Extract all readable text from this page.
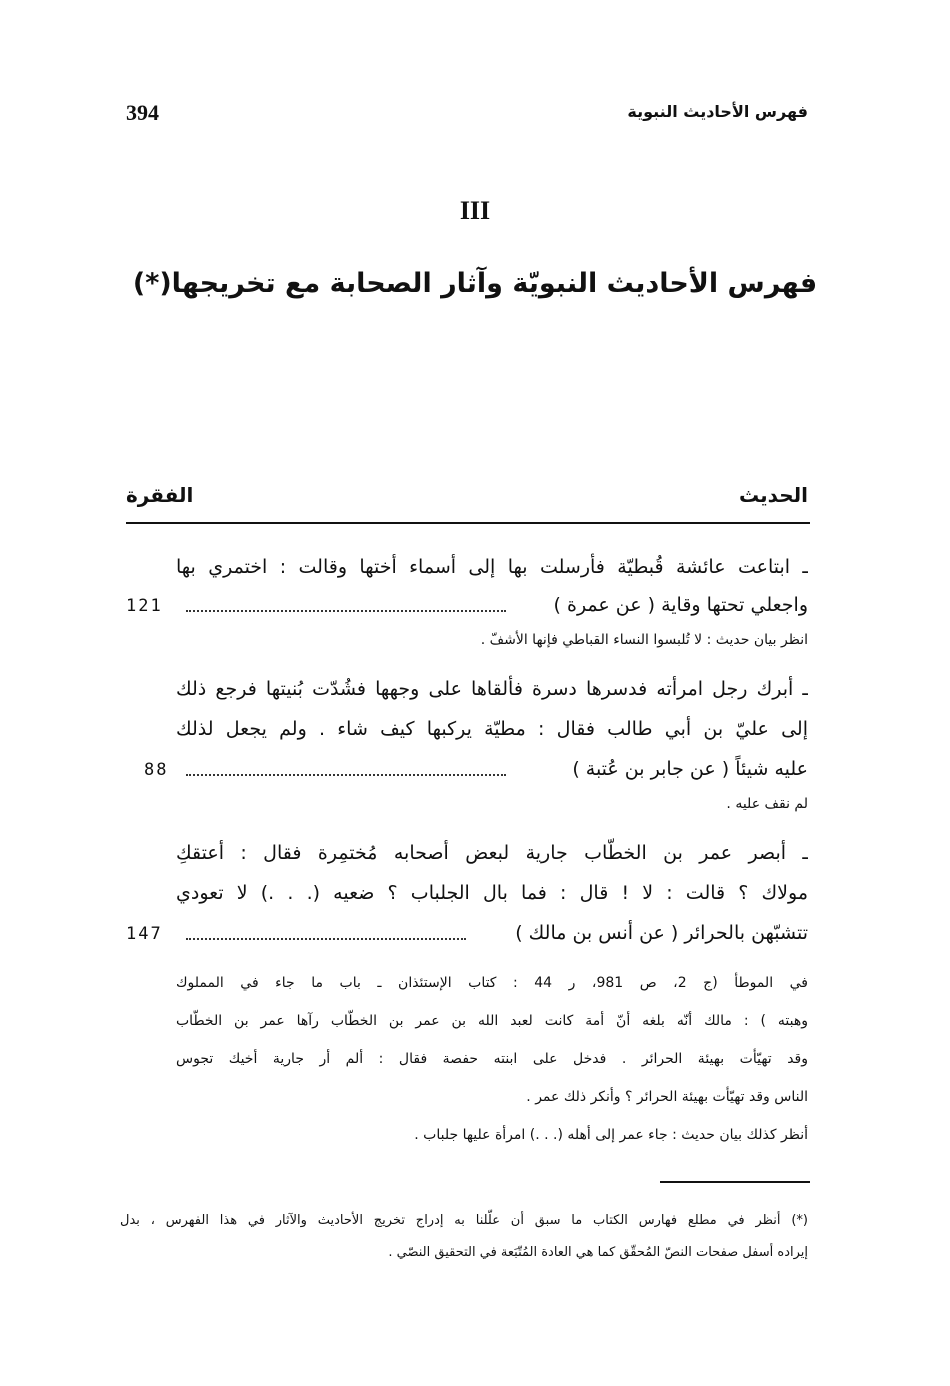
394	فهرس الأحاديث النبوية
III
فهرس الأحاديث النبويّة وآثار الصحابة مع تخريجها(*)
الحديث
الفقرة
ـ ابتاعت عائشة قُبطيّة فأرسلت بها إلى أسماء أختها وقالت : اختمري بها
واجعلي تحتها وقاية ( عن عمرة )
121
انظر بيان حديث : لا تُلبسوا النساء القباطي فإنها الأشفّ .
ـ أبرك رجل امرأته فدسرها دسرة فألقاها على وجهها فشُدّت بُنيتها فرجع ذلك
إلى عليّ بن أبي طالب فقال : مطيّة يركبها كيف شاء . ولم يجعل لذلك
عليه شيئاً ( عن جابر بن عُتبة )
88
لم نقف عليه .
ـ أبصر عمر بن الخطّاب جارية لبعض أصحابه مُختمِرة فقال : أعتقكِ
مولاك ؟ قالت : لا ! قال : فما بال الجلباب ؟ ضعيه (. . .) لا تعودي
تتشبّهن بالحرائر ( عن أنس بن مالك )
147
في الموطأ (ج 2، ص 981، ر 44 : كتاب الإستئذان ـ باب ما جاء في المملوك
وهبته ) : مالك أنّه بلغه أنّ أمة كانت لعبد الله بن عمر بن الخطّاب رآها عمر بن الخطّاب
وقد تهيّأت بهيئة الحرائر . فدخل على ابنته حفصة فقال : ألم أر جارية أخيك تجوس
الناس وقد تهيّأت بهيئة الحرائر ؟ وأنكر ذلك عمر .
أنظر كذلك بيان حديث : جاء عمر إلى أهله (. . .) امرأة عليها جلباب .
(*) أنظر في مطلع فهارس الكتاب ما سبق أن علّلنا به إدراج تخريج الأحاديث والآثار في هذا الفهرس ، بدل
إيراده أسفل صفحات النصّ المُحقّق كما هي العادة المُتّبَعة في التحقيق النصّي .
